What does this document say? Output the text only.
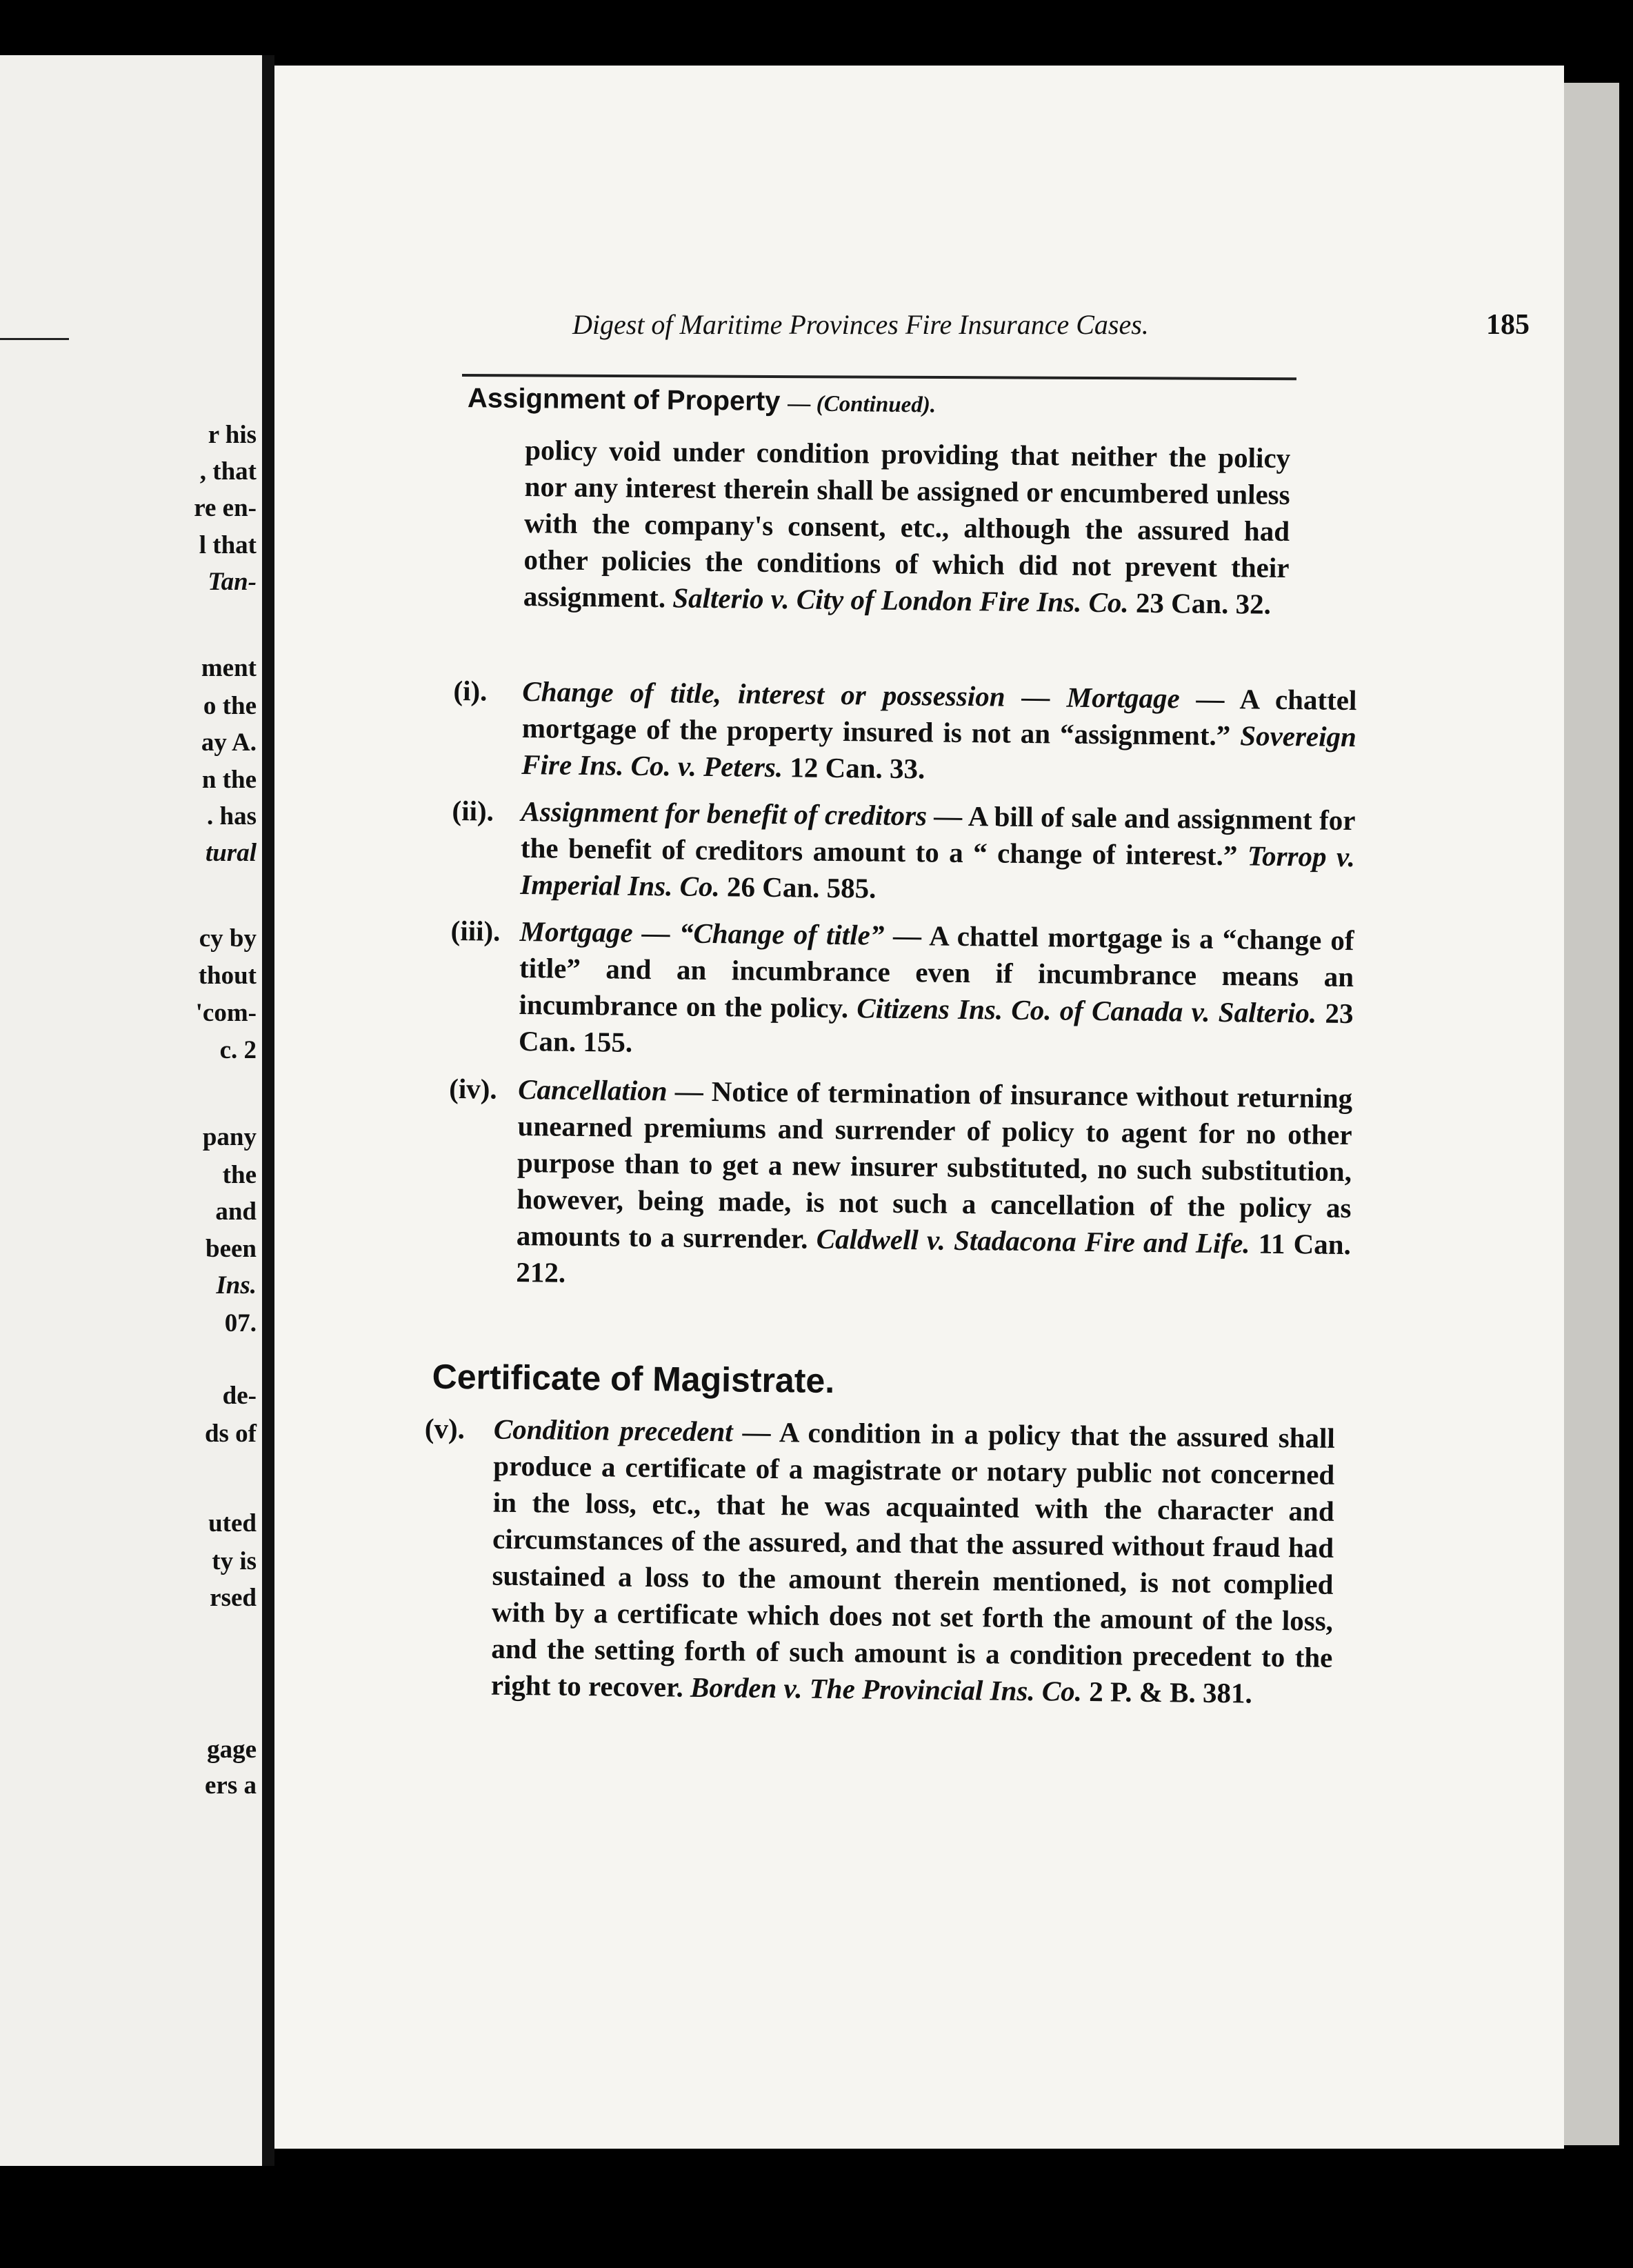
r his
, that
re en-
l that
Tan-
ment
o the
ay A.
n the
. has
tural
cy by
thout
'com-
c. 2
pany
the
and
been
Ins.
07.
de-
ds of
uted
ty is
rsed
gage
ers a
Digest of Maritime Provinces Fire Insurance Cases.	185
Assignment of Property — (Continued).
policy void under condition providing that neither the policy nor any interest therein shall be assigned or encumbered unless with the company's consent, etc., although the assured had other policies the conditions of which did not prevent their assignment. Salterio v. City of London Fire Ins. Co. 23 Can. 32.
(i). Change of title, interest or possession — Mortgage — A chattel mortgage of the property insured is not an “assignment.” Sovereign Fire Ins. Co. v. Peters. 12 Can. 33.
(ii). Assignment for benefit of creditors — A bill of sale and assignment for the benefit of creditors amount to a “ change of interest.” Torrop v. Imperial Ins. Co. 26 Can. 585.
(iii). Mortgage — “Change of title” — A chattel mortgage is a “change of title” and an incumbrance even if incumbrance means an incumbrance on the policy. Citizens Ins. Co. of Canada v. Salterio. 23 Can. 155.
(iv). Cancellation — Notice of termination of insurance without returning unearned premiums and surrender of policy to agent for no other purpose than to get a new insurer substituted, no such substitution, however, being made, is not such a cancellation of the policy as amounts to a surrender. Caldwell v. Stadacona Fire and Life. 11 Can. 212.
Certificate of Magistrate.
(v). Condition precedent — A condition in a policy that the assured shall produce a certificate of a magistrate or notary public not concerned in the loss, etc., that he was acquainted with the character and circumstances of the assured, and that the assured without fraud had sustained a loss to the amount therein mentioned, is not complied with by a certificate which does not set forth the amount of the loss, and the setting forth of such amount is a condition precedent to the right to recover. Borden v. The Provincial Ins. Co. 2 P. & B. 381.
